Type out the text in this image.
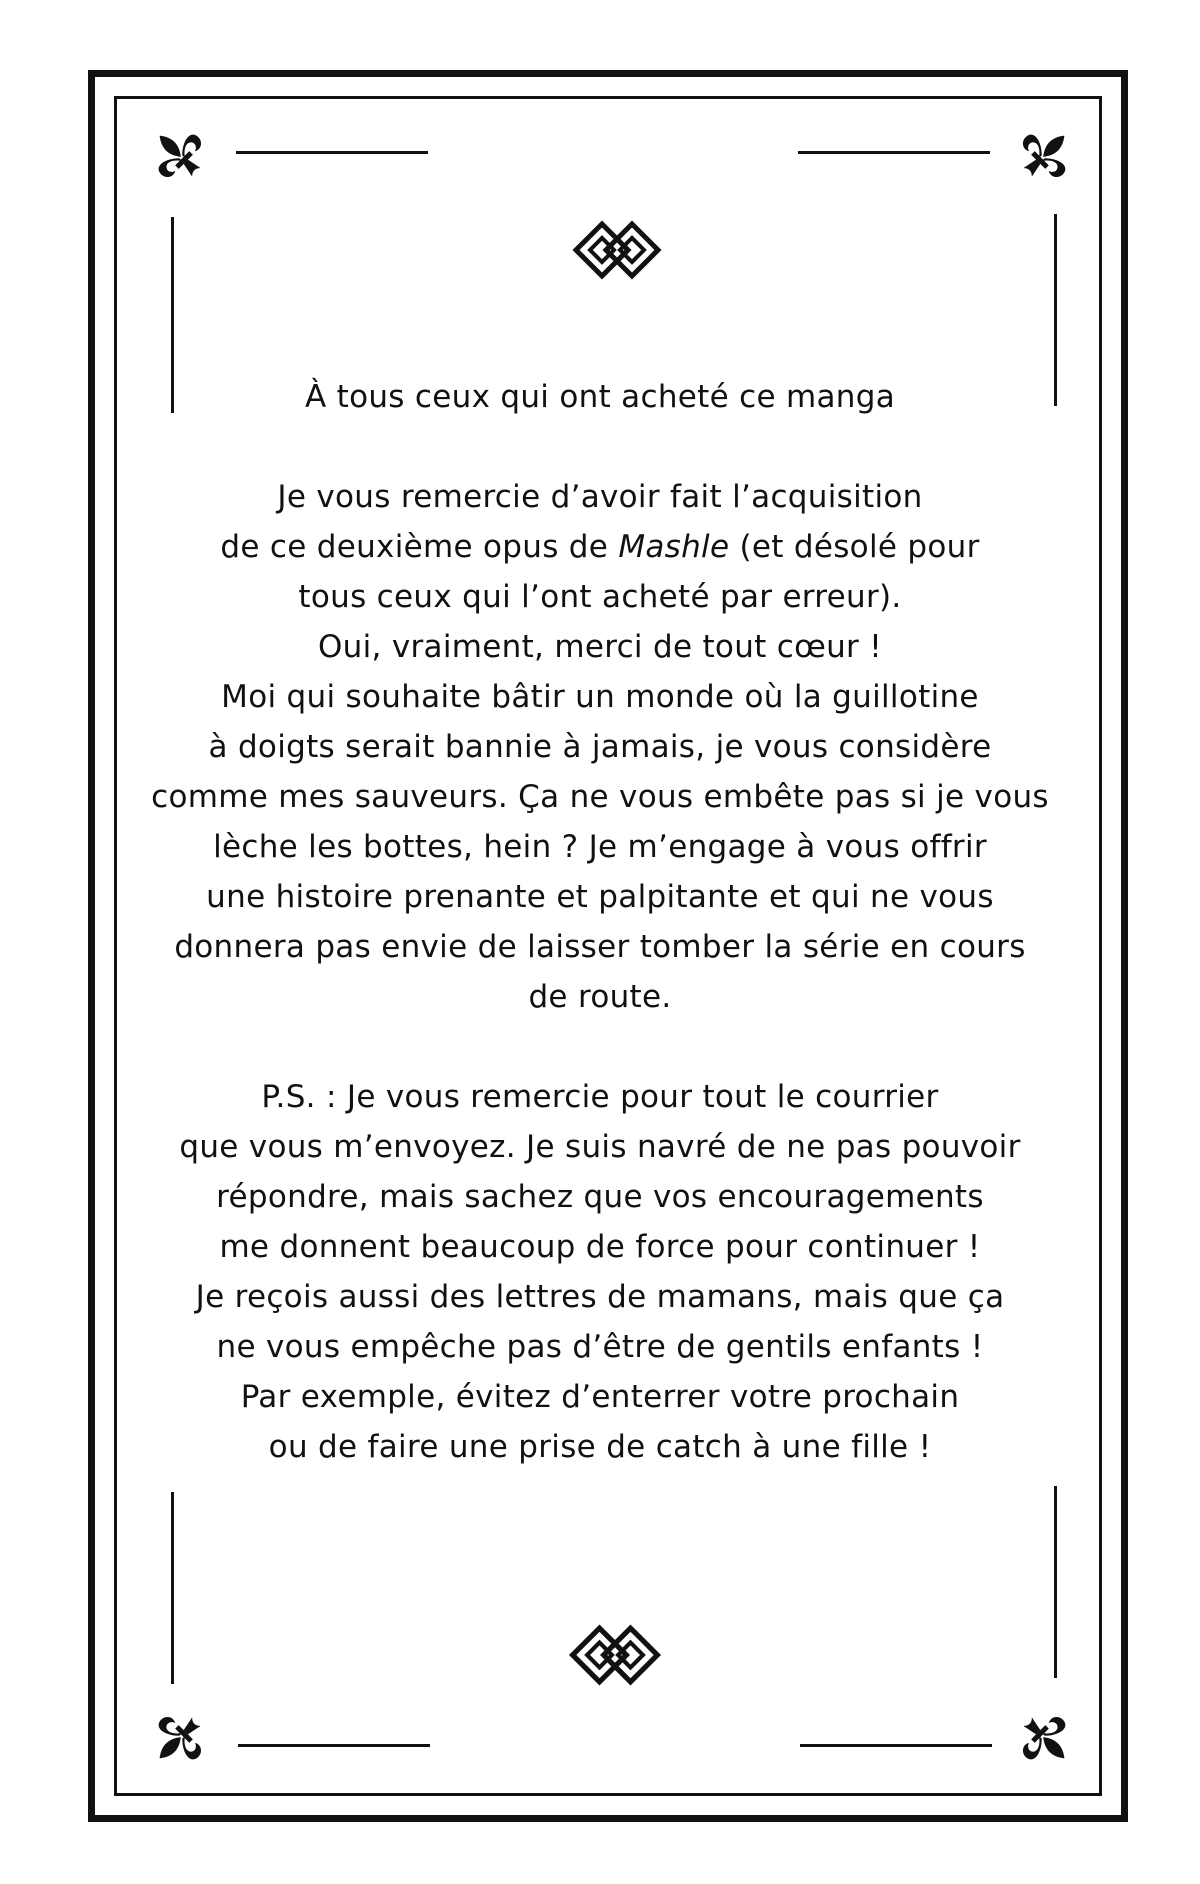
À tous ceux qui ont acheté ce manga

Je vous remercie d’avoir fait l’acquisition
de ce deuxième opus de Mashle (et désolé pour
tous ceux qui l’ont acheté par erreur).
Oui, vraiment, merci de tout cœur !
Moi qui souhaite bâtir un monde où la guillotine
à doigts serait bannie à jamais, je vous considère
comme mes sauveurs. Ça ne vous embête pas si je vous
lèche les bottes, hein ? Je m’engage à vous offrir
une histoire prenante et palpitante et qui ne vous
donnera pas envie de laisser tomber la série en cours
de route.
P.S. : Je vous remercie pour tout le courrier
que vous m’envoyez. Je suis navré de ne pas pouvoir
répondre, mais sachez que vos encouragements
me donnent beaucoup de force pour continuer !
Je reçois aussi des lettres de mamans, mais que ça
ne vous empêche pas d’être de gentils enfants !
Par exemple, évitez d’enterrer votre prochain
ou de faire une prise de catch à une fille !
